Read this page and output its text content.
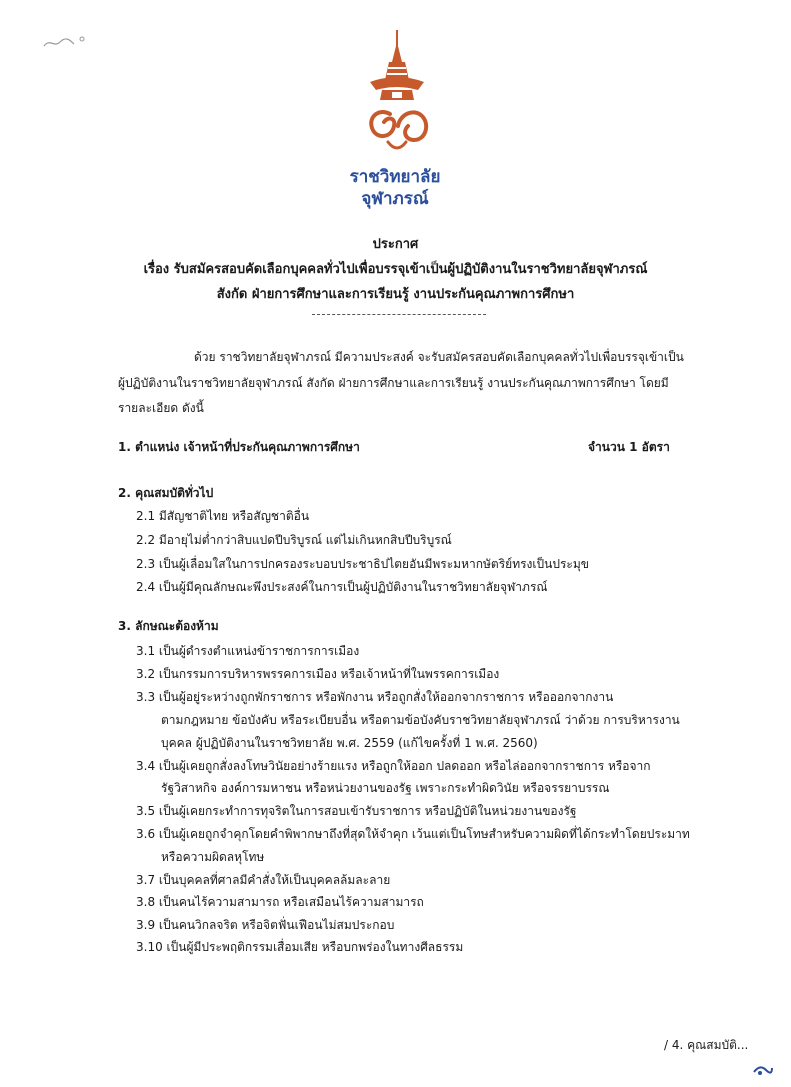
ราชวิทยาลัย
จุฬาภรณ์
ประกาศ
เรื่อง รับสมัครสอบคัดเลือกบุคคลทั่วไปเพื่อบรรจุเข้าเป็นผู้ปฏิบัติงานในราชวิทยาลัยจุฬาภรณ์
สังกัด ฝ่ายการศึกษาและการเรียนรู้ งานประกันคุณภาพการศึกษา
ด้วย ราชวิทยาลัยจุฬาภรณ์ มีความประสงค์ จะรับสมัครสอบคัดเลือกบุคคลทั่วไปเพื่อบรรจุเข้าเป็น
ผู้ปฏิบัติงานในราชวิทยาลัยจุฬาภรณ์ สังกัด ฝ่ายการศึกษาและการเรียนรู้ งานประกันคุณภาพการศึกษา โดยมี
รายละเอียด ดังนี้
1. ตำแหน่ง เจ้าหน้าที่ประกันคุณภาพการศึกษา	จำนวน 1 อัตรา
2. คุณสมบัติทั่วไป
2.1 มีสัญชาติไทย หรือสัญชาติอื่น
2.2 มีอายุไม่ต่ำกว่าสิบแปดปีบริบูรณ์ แต่ไม่เกินหกสิบปีบริบูรณ์
2.3 เป็นผู้เลื่อมใสในการปกครองระบอบประชาธิปไตยอันมีพระมหากษัตริย์ทรงเป็นประมุข
2.4 เป็นผู้มีคุณลักษณะพึงประสงค์ในการเป็นผู้ปฏิบัติงานในราชวิทยาลัยจุฬาภรณ์
3. ลักษณะต้องห้าม
3.1 เป็นผู้ดำรงตำแหน่งข้าราชการการเมือง
3.2 เป็นกรรมการบริหารพรรคการเมือง หรือเจ้าหน้าที่ในพรรคการเมือง
3.3 เป็นผู้อยู่ระหว่างถูกพักราชการ หรือพักงาน หรือถูกสั่งให้ออกจากราชการ หรือออกจากงาน
ตามกฎหมาย ข้อบังคับ หรือระเบียบอื่น หรือตามข้อบังคับราชวิทยาลัยจุฬาภรณ์ ว่าด้วย การบริหารงาน
บุคคล ผู้ปฏิบัติงานในราชวิทยาลัย พ.ศ. 2559 (แก้ไขครั้งที่ 1 พ.ศ. 2560)
3.4 เป็นผู้เคยถูกสั่งลงโทษวินัยอย่างร้ายแรง หรือถูกให้ออก ปลดออก หรือไล่ออกจากราชการ หรือจาก
รัฐวิสาหกิจ องค์การมหาชน หรือหน่วยงานของรัฐ เพราะกระทำผิดวินัย หรือจรรยาบรรณ
3.5 เป็นผู้เคยกระทำการทุจริตในการสอบเข้ารับราชการ หรือปฏิบัติในหน่วยงานของรัฐ
3.6 เป็นผู้เคยถูกจำคุกโดยคำพิพากษาถึงที่สุดให้จำคุก เว้นแต่เป็นโทษสำหรับความผิดที่ได้กระทำโดยประมาท
หรือความผิดลหุโทษ
3.7 เป็นบุคคลที่ศาลมีคำสั่งให้เป็นบุคคลล้มละลาย
3.8 เป็นคนไร้ความสามารถ หรือเสมือนไร้ความสามารถ
3.9 เป็นคนวิกลจริต หรือจิตฟั่นเฟือนไม่สมประกอบ
3.10 เป็นผู้มีประพฤติกรรมเสื่อมเสีย หรือบกพร่องในทางศีลธรรม
/ 4. คุณสมบัติ...
